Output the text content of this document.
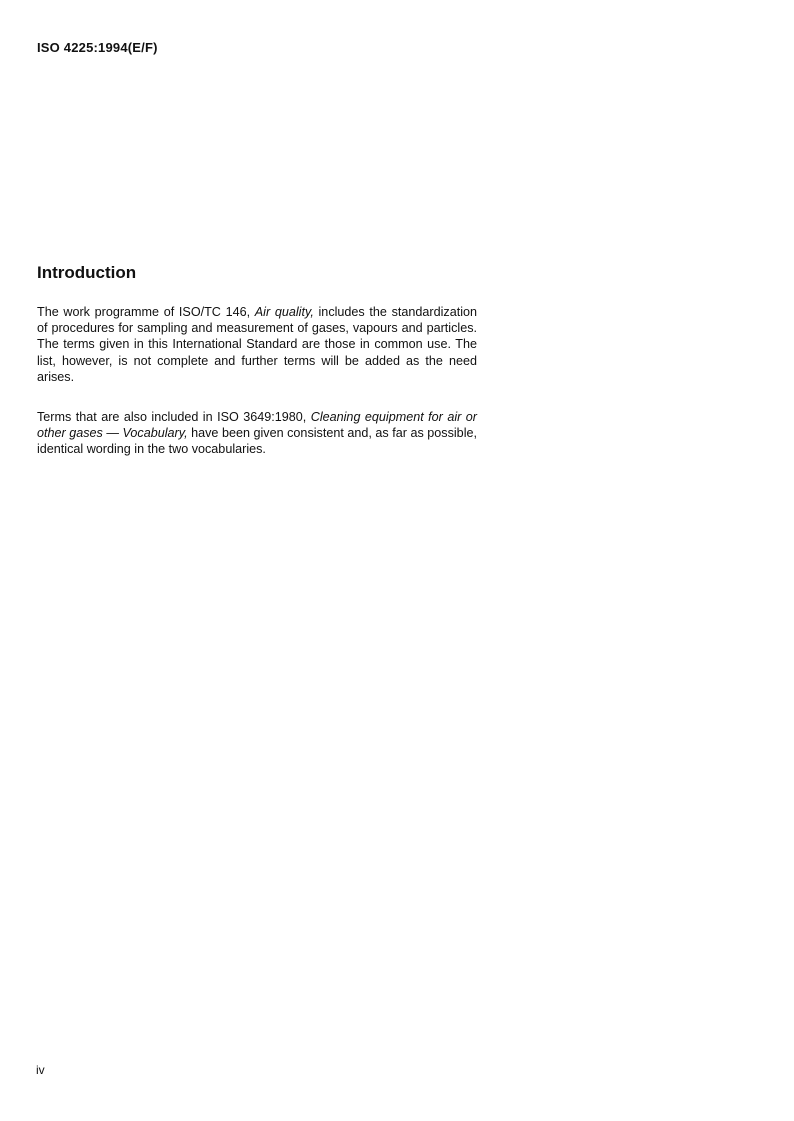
ISO 4225:1994(E/F)
Introduction

The work programme of ISO/TC 146, Air quality, includes the standardization of procedures for sampling and measurement of gases, vapours and particles. The terms given in this International Standard are those in common use. The list, however, is not complete and further terms will be added as the need arises.

Terms that are also included in ISO 3649:1980, Cleaning equipment for air or other gases — Vocabulary, have been given consistent and, as far as possible, identical wording in the two vocabularies.

iv
